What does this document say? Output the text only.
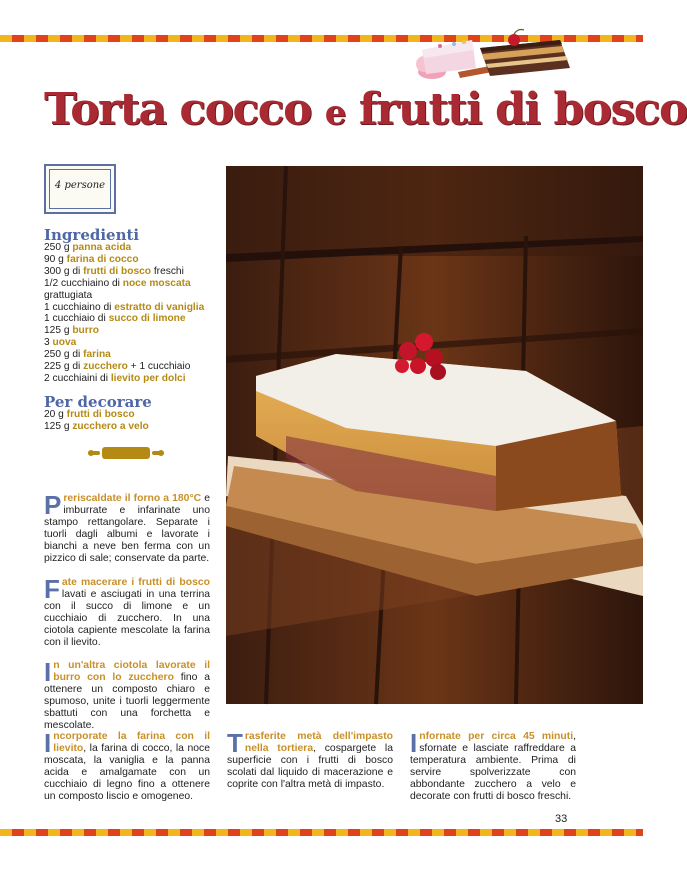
Torta cocco e frutti di bosco
4 persone
Ingredienti
250 g panna acida
90 g farina di cocco
300 g di frutti di bosco freschi
1/2 cucchiaino di noce moscata
grattugiata
1 cucchiaino di estratto di vaniglia
1 cucchiaio di succo di limone
125 g burro
3 uova
250 g di farina
225 g di zucchero + 1 cucchiaio
2 cucchiaini di lievito per dolci
Per decorare
20 g frutti di bosco
125 g zucchero a velo

Preriscaldate il forno a 180°C e imburrate e infarinate uno stampo rettangolare. Separate i tuorli dagli albumi e lavorate i bianchi a neve ben ferma con un pizzico di sale; conservate da parte.

Fate macerare i frutti di bosco lavati e asciugati in una terrina con il succo di limone e un cucchiaio di zucchero. In una ciotola capiente mescolate la farina con il lievito.

In un'altra ciotola lavorate il burro con lo zucchero fino a ottenere un composto chiaro e spumoso, unite i tuorli leggermente sbattuti con una forchetta e mescolate.

Incorporate la farina con il lievito, la farina di cocco, la noce moscata, la vaniglia e la panna acida e amalgamate con un cucchiaio di legno fino a ottenere un composto liscio e omogeneo.

Trasferite metà dell'impasto nella tortiera, cospargete la superficie con i frutti di bosco scolati dal liquido di macerazione e coprite con l'altra metà di impasto.

Infornate per circa 45 minuti, sfornate e lasciate raffreddare a temperatura ambiente. Prima di servire spolverizzate con abbondante zucchero a velo e decorate con frutti di bosco freschi.

33
